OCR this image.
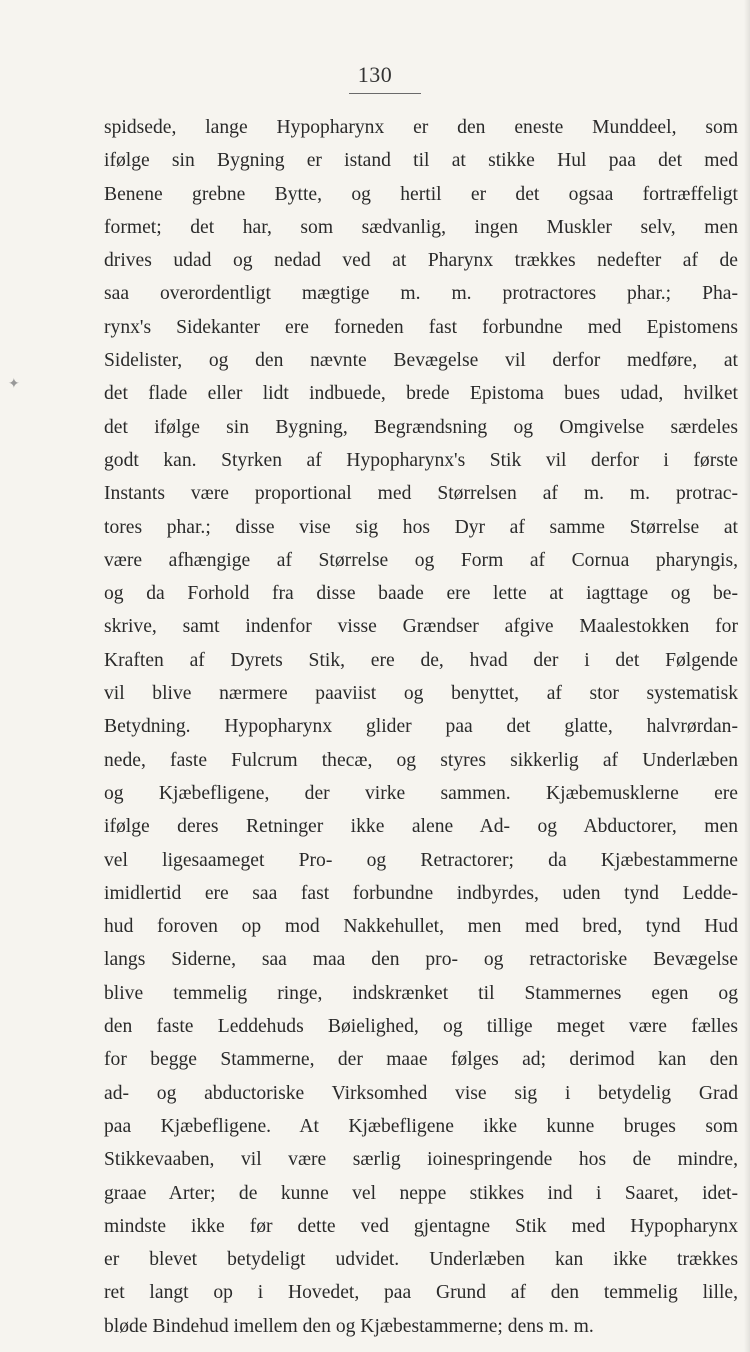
130
✦
spidsede, lange Hypopharynx er den eneste Munddeel, som
ifølge sin Bygning er istand til at stikke Hul paa det med
Benene grebne Bytte, og hertil er det ogsaa fortræffeligt
formet; det har, som sædvanlig, ingen Muskler selv, men
drives udad og nedad ved at Pharynx trækkes nedefter af de
saa overordentligt mægtige m. m. protractores phar.; Pha-
rynx's Sidekanter ere forneden fast forbundne med Epistomens
Sidelister, og den nævnte Bevægelse vil derfor medføre, at
det flade eller lidt indbuede, brede Epistoma bues udad, hvilket
det ifølge sin Bygning, Begrændsning og Omgivelse særdeles
godt kan. Styrken af Hypopharynx's Stik vil derfor i første
Instants være proportional med Størrelsen af m. m. protrac-
tores phar.; disse vise sig hos Dyr af samme Størrelse at
være afhængige af Størrelse og Form af Cornua pharyngis,
og da Forhold fra disse baade ere lette at iagttage og be-
skrive, samt indenfor visse Grændser afgive Maalestokken for
Kraften af Dyrets Stik, ere de, hvad der i det Følgende
vil blive nærmere paaviist og benyttet, af stor systematisk
Betydning. Hypopharynx glider paa det glatte, halvrørdan-
nede, faste Fulcrum thecæ, og styres sikkerlig af Underlæben
og Kjæbefligene, der virke sammen. Kjæbemusklerne ere
ifølge deres Retninger ikke alene Ad- og Abductorer, men
vel ligesaameget Pro- og Retractorer; da Kjæbestammerne
imidlertid ere saa fast forbundne indbyrdes, uden tynd Ledde-
hud foroven op mod Nakkehullet, men med bred, tynd Hud
langs Siderne, saa maa den pro- og retractoriske Bevægelse
blive temmelig ringe, indskrænket til Stammernes egen og
den faste Leddehuds Bøielighed, og tillige meget være fælles
for begge Stammerne, der maae følges ad; derimod kan den
ad- og abductoriske Virksomhed vise sig i betydelig Grad
paa Kjæbefligene. At Kjæbefligene ikke kunne bruges som
Stikkevaaben, vil være særlig ioinespringende hos de mindre,
graae Arter; de kunne vel neppe stikkes ind i Saaret, idet-
mindste ikke før dette ved gjentagne Stik med Hypopharynx
er blevet betydeligt udvidet. Underlæben kan ikke trækkes
ret langt op i Hovedet, paa Grund af den temmelig lille,
bløde Bindehud imellem den og Kjæbestammerne; dens m. m.
